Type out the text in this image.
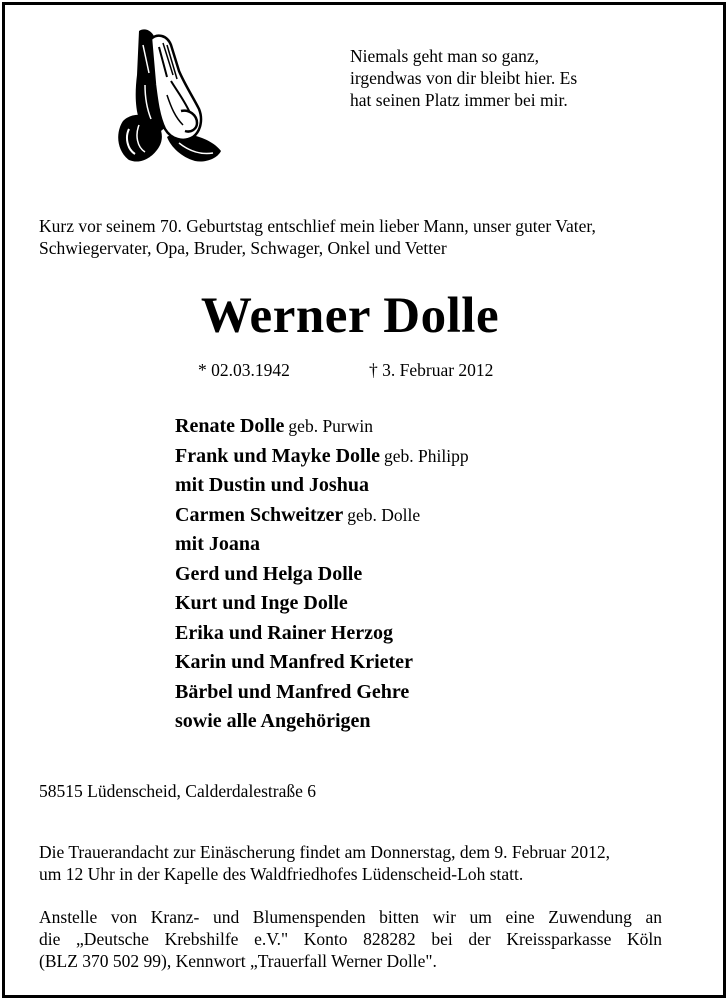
Niemals geht man so ganz,
irgendwas von dir bleibt hier. Es
hat seinen Platz immer bei mir.
Kurz vor seinem 70. Geburtstag entschlief mein lieber Mann, unser guter Vater,
Schwiegervater, Opa, Bruder, Schwager, Onkel und Vetter
Werner Dolle
* 02.03.1942	† 3. Februar 2012
Renate Dolle geb. Purwin
Frank und Mayke Dolle geb. Philipp
mit Dustin und Joshua
Carmen Schweitzer geb. Dolle
mit Joana
Gerd und Helga Dolle
Kurt und Inge Dolle
Erika und Rainer Herzog
Karin und Manfred Krieter
Bärbel und Manfred Gehre
sowie alle Angehörigen
58515 Lüdenscheid, Calderdalestraße 6
Die Trauerandacht zur Einäscherung findet am Donnerstag, dem 9. Februar 2012,
um 12 Uhr in der Kapelle des Waldfriedhofes Lüdenscheid-Loh statt.
Anstelle von Kranz- und Blumenspenden bitten wir um eine Zuwendung an
die „Deutsche Krebshilfe e.V." Konto 828282 bei der Kreissparkasse Köln
(BLZ 370 502 99), Kennwort „Trauerfall Werner Dolle".
